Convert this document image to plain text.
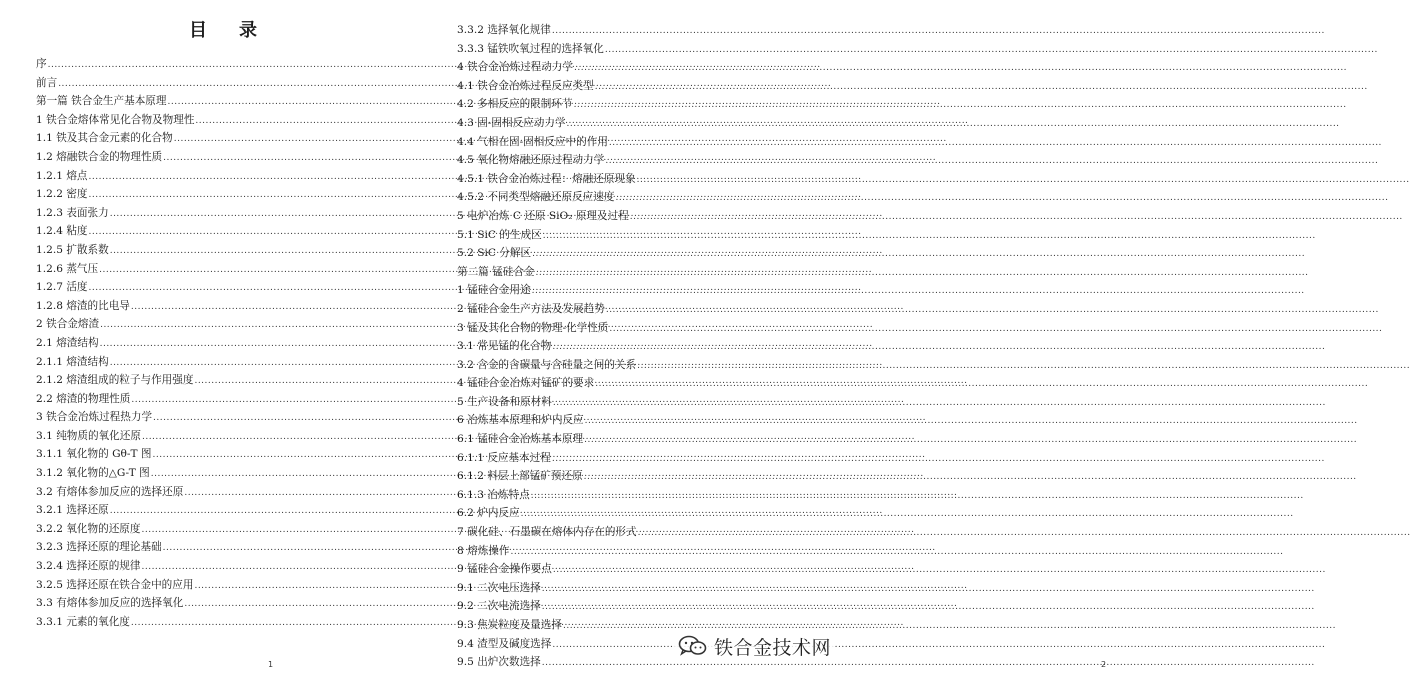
目 录
序
.....
前言
.....
第一篇 铁合金生产基本原理
.....
1 铁合金熔体常见化合物及物理性
.....
1.1 铁及其合金元素的化合物
.....
1.2 熔融铁合金的物理性质
.....
1.2.1 熔点
.....
1.2.2 密度
.....
1.2.3 表面张力
.....
1.2.4 粘度
.....
1.2.5 扩散系数
.....
1.2.6 蒸气压
.....
1.2.7 活度
.....
1.2.8 熔渣的比电导
.....
2 铁合金熔渣
.....
2.1 熔渣结构
.....
2.1.1 熔渣结构
.....
2.1.2 熔渣组成的粒子与作用强度
.....
2.2 熔渣的物理性质
.....
3 铁合金冶炼过程热力学
.....
3.1 纯物质的氧化还原
.....
3.1.1 氧化物的 Gθ-T 图
.....
3.1.2 氧化物的△G-T 图
.....
3.2 有熔体参加反应的选择还原
.....
3.2.1 选择还原
.....
3.2.2 氧化物的还原度
.....
3.2.3 选择还原的理论基础
.....
3.2.4 选择还原的规律
.....
3.2.5 选择还原在铁合金中的应用
.....
3.3 有熔体参加反应的选择氧化
.....
3.3.1 元素的氧化度
.....
1
3.3.2 选择氧化规律
.....
3.3.3 锰铁吹氧过程的选择氧化
.....
4 铁合金冶炼过程动力学
.....
4.1 铁合金冶炼过程反应类型
.....
4.2 多相反应的限制环节
.....
4.3 固-固相反应动力学
.....
4.4 气相在固-固相反应中的作用
.....
4.5 氧化物熔融还原过程动力学
.....
4.5.1 铁合金冶炼过程：熔融还原现象
.....
4.5.2 不同类型熔融还原反应速度
.....
5 电炉冶炼 C 还原 SiO₂ 原理及过程
.....
5.1 SiC 的生成区
.....
5.2 SiC 分解区
.....
第二篇 锰硅合金
.....
1 锰硅合金用途
.....
2 锰硅合金生产方法及发展趋势
.....
3 锰及其化合物的物理-化学性质
.....
3.1 常见锰的化合物
.....
3.2 含金的含碳量与含硅量之间的关系
.....
4 锰硅合金冶炼对锰矿的要求
.....
5 生产设备和原材料
.....
6 冶炼基本原理和炉内反应
.....
6.1 锰硅合金冶炼基本原理
.....
6.1.1 反应基本过程
.....
6.1.2 料层上部锰矿预还原
.....
6.1.3 冶炼特点
.....
6.2 炉内反应
.....
7 碳化硅、石墨碳在熔体内存在的形式
.....
8 熔炼操作
.....
9 锰硅合金操作要点
.....
9.1 二次电压选择
.....
9.2 二次电流选择
.....
9.3 焦炭粒度及量选择
.....
9.4 渣型及碱度选择
.....
9.5 出炉次数选择
.....	2
铁合金技术网
